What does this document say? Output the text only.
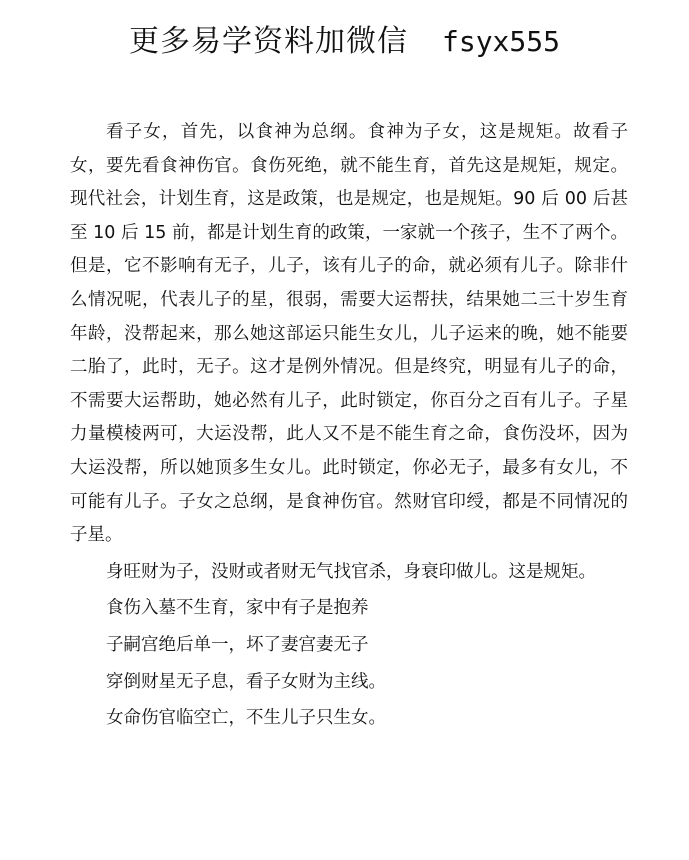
更多易学资料加微信 fsyx555

看子女，首先，以食神为总纲。食神为子女，这是规矩。故看子女，要先看食神伤官。食伤死绝，就不能生育，首先这是规矩，规定。现代社会，计划生育，这是政策，也是规定，也是规矩。90 后 00 后甚至 10 后 15 前，都是计划生育的政策，一家就一个孩子，生不了两个。但是，它不影响有无子，儿子，该有儿子的命，就必须有儿子。除非什么情况呢，代表儿子的星，很弱，需要大运帮扶，结果她二三十岁生育年龄，没帮起来，那么她这部运只能生女儿，儿子运来的晚，她不能要二胎了，此时，无子。这才是例外情况。但是终究，明显有儿子的命，不需要大运帮助，她必然有儿子，此时锁定，你百分之百有儿子。子星力量模棱两可，大运没帮，此人又不是不能生育之命，食伤没坏，因为大运没帮，所以她顶多生女儿。此时锁定，你必无子，最多有女儿，不可能有儿子。子女之总纲，是食神伤官。然财官印绶，都是不同情况的子星。

身旺财为子，没财或者财无气找官杀，身衰印做儿。这是规矩。

食伤入墓不生育，家中有子是抱养

子嗣宫绝后单一，坏了妻宫妻无子

穿倒财星无子息，看子女财为主线。

女命伤官临空亡，不生儿子只生女。
